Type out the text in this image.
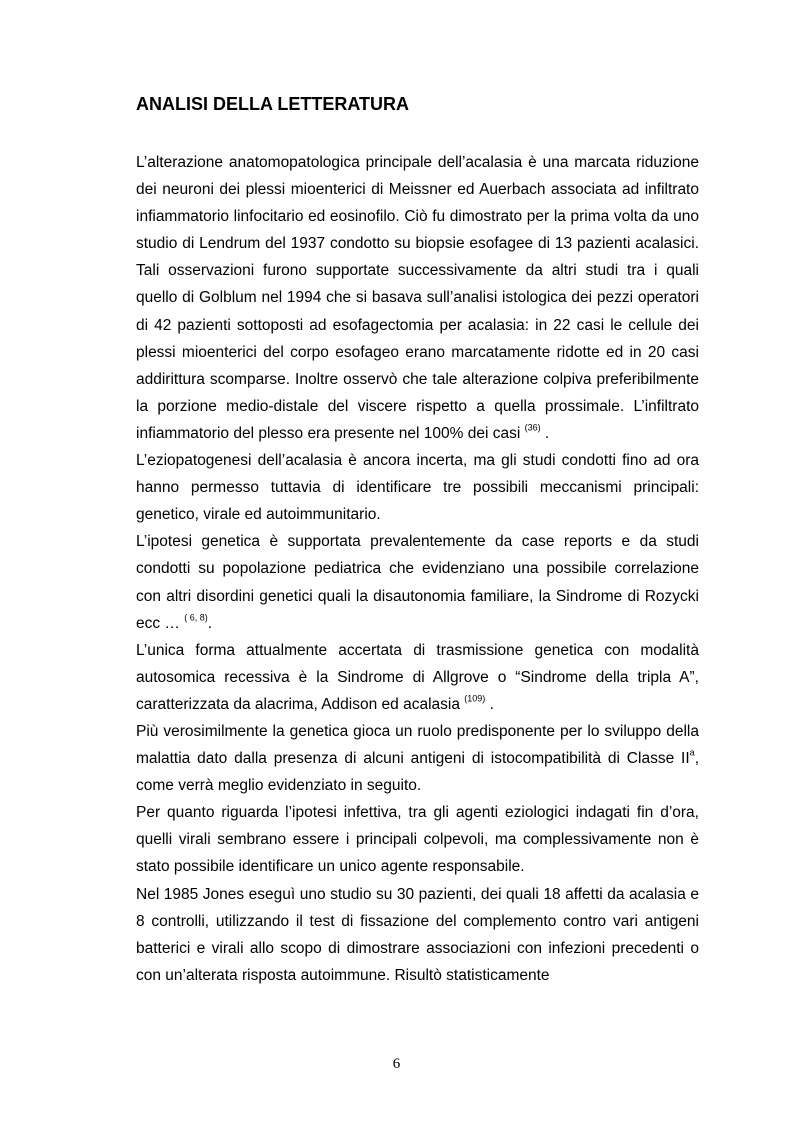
ANALISI DELLA LETTERATURA

L’alterazione anatomopatologica principale dell’acalasia è una marcata riduzione dei neuroni dei plessi mioenterici di Meissner ed Auerbach associata ad infiltrato infiammatorio linfocitario ed eosinofilo. Ciò fu dimostrato per la prima volta da uno studio di Lendrum del 1937 condotto su biopsie esofagee di 13 pazienti acalasici. Tali osservazioni furono supportate successivamente da altri studi tra i quali quello di Golblum nel 1994 che si basava sull’analisi istologica dei pezzi operatori di 42 pazienti sottoposti ad esofagectomia per acalasia: in 22 casi le cellule dei plessi mioenterici del corpo esofageo erano marcatamente ridotte ed in 20 casi addirittura scomparse. Inoltre osservò che tale alterazione colpiva preferibilmente la porzione medio-distale del viscere rispetto a quella prossimale. L’infiltrato infiammatorio del plesso era presente nel 100% dei casi $^{(36)}$ .

L’eziopatogenesi dell’acalasia è ancora incerta, ma gli studi condotti fino ad ora hanno permesso tuttavia di identificare tre possibili meccanismi principali: genetico, virale ed autoimmunitario.

L’ipotesi genetica è supportata prevalentemente da case reports e da studi condotti su popolazione pediatrica che evidenziano una possibile correlazione con altri disordini genetici quali la disautonomia familiare, la Sindrome di Rozycki ecc … $^{( 6, 8)}$.

L’unica forma attualmente accertata di trasmissione genetica con modalità autosomica recessiva è la Sindrome di Allgrove o “Sindrome della tripla A”, caratterizzata da alacrima, Addison ed acalasia $^{(109)}$ .

Più verosimilmente la genetica gioca un ruolo predisponente per lo sviluppo della malattia dato dalla presenza di alcuni antigeni di istocompatibilità di Classe $II^a$, come verrà meglio evidenziato in seguito.

Per quanto riguarda l’ipotesi infettiva, tra gli agenti eziologici indagati fin d’ora, quelli virali sembrano essere i principali colpevoli, ma complessivamente non è stato possibile identificare un unico agente responsabile.

Nel 1985 Jones eseguì uno studio su 30 pazienti, dei quali 18 affetti da acalasia e 8 controlli, utilizzando il test di fissazione del complemento contro vari antigeni batterici e virali allo scopo di dimostrare associazioni con infezioni precedenti o con un’alterata risposta autoimmune. Risultò statisticamente

6
